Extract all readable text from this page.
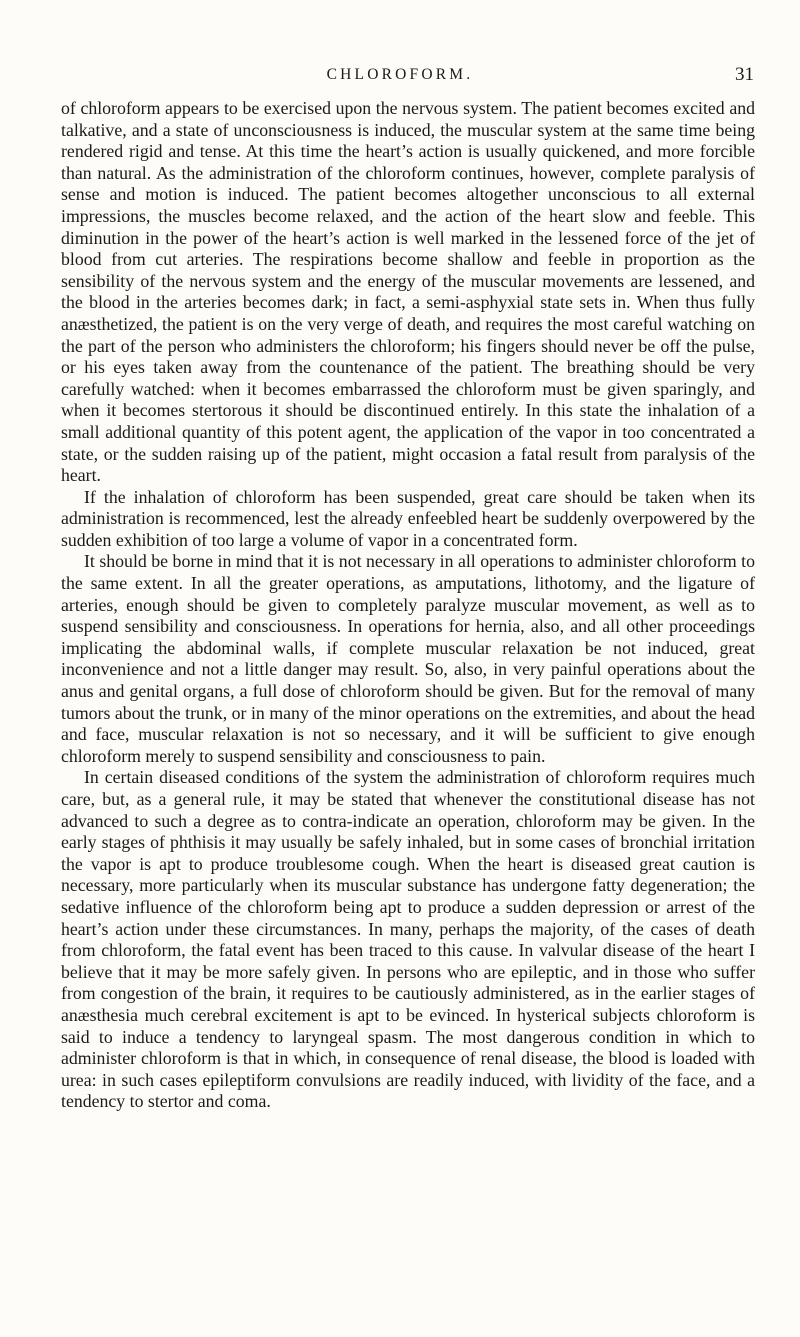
CHLOROFORM.	31

of chloroform appears to be exercised upon the nervous system. The patient becomes excited and talkative, and a state of unconsciousness is induced, the muscular system at the same time being rendered rigid and tense. At this time the heart’s action is usually quickened, and more forcible than natural. As the administration of the chloroform continues, however, complete paralysis of sense and motion is induced. The patient becomes altogether unconscious to all external impressions, the muscles become relaxed, and the action of the heart slow and feeble. This diminution in the power of the heart’s action is well marked in the lessened force of the jet of blood from cut arteries. The respirations become shallow and feeble in proportion as the sensibility of the nervous system and the energy of the muscular movements are lessened, and the blood in the arteries becomes dark; in fact, a semi-asphyxial state sets in. When thus fully anæsthetized, the patient is on the very verge of death, and requires the most careful watching on the part of the person who administers the chloroform; his fingers should never be off the pulse, or his eyes taken away from the countenance of the patient. The breathing should be very carefully watched: when it becomes embarrassed the chloroform must be given sparingly, and when it becomes stertorous it should be discontinued entirely. In this state the inhalation of a small additional quantity of this potent agent, the application of the vapor in too concentrated a state, or the sudden raising up of the patient, might occasion a fatal result from paralysis of the heart.

If the inhalation of chloroform has been suspended, great care should be taken when its administration is recommenced, lest the already enfeebled heart be suddenly overpowered by the sudden exhibition of too large a volume of vapor in a concentrated form.

It should be borne in mind that it is not necessary in all operations to administer chloroform to the same extent. In all the greater operations, as amputations, lithotomy, and the ligature of arteries, enough should be given to completely paralyze muscular movement, as well as to suspend sensibility and consciousness. In operations for hernia, also, and all other proceedings implicating the abdominal walls, if complete muscular relaxation be not induced, great inconvenience and not a little danger may result. So, also, in very painful operations about the anus and genital organs, a full dose of chloroform should be given. But for the removal of many tumors about the trunk, or in many of the minor operations on the extremities, and about the head and face, muscular relaxation is not so necessary, and it will be sufficient to give enough chloroform merely to suspend sensibility and consciousness to pain.

In certain diseased conditions of the system the administration of chloroform requires much care, but, as a general rule, it may be stated that whenever the constitutional disease has not advanced to such a degree as to contra-indicate an operation, chloroform may be given. In the early stages of phthisis it may usually be safely inhaled, but in some cases of bronchial irritation the vapor is apt to produce troublesome cough. When the heart is diseased great caution is necessary, more particularly when its muscular substance has undergone fatty degeneration; the sedative influence of the chloroform being apt to produce a sudden depression or arrest of the heart’s action under these circumstances. In many, perhaps the majority, of the cases of death from chloroform, the fatal event has been traced to this cause. In valvular disease of the heart I believe that it may be more safely given. In persons who are epileptic, and in those who suffer from congestion of the brain, it requires to be cautiously administered, as in the earlier stages of anæsthesia much cerebral excitement is apt to be evinced. In hysterical subjects chloroform is said to induce a tendency to laryngeal spasm. The most dangerous condition in which to administer chloroform is that in which, in consequence of renal disease, the blood is loaded with urea: in such cases epileptiform convulsions are readily induced, with lividity of the face, and a tendency to stertor and coma.
